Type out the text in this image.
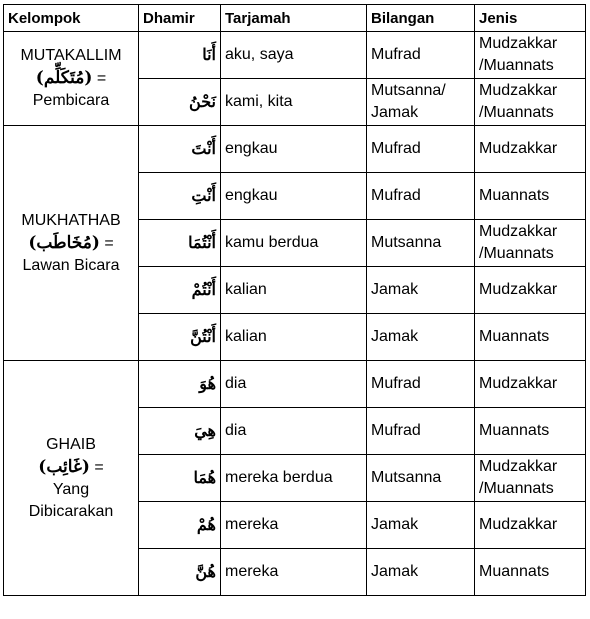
Kelompok	Dhamir	Tarjamah	Bilangan	Jenis

MUTAKALLIM
(مُتَكَلِّم) =
Pembicara	أَنَا	aku, saya	Mufrad	Mudzakkar /Muannats
	نَحْنُ	kami, kita	Mutsanna/ Jamak	Mudzakkar /Muannats

MUKHATHAB
(مُخَاطَب) =
Lawan Bicara	أَنْتَ	engkau	Mufrad	Mudzakkar
	أَنْتِ	engkau	Mufrad	Muannats
	أَنْتُمَا	kamu berdua	Mutsanna	Mudzakkar /Muannats
	أَنْتُمْ	kalian	Jamak	Mudzakkar
	أَنْتُنَّ	kalian	Jamak	Muannats

GHAIB
(غَائِب) =
Yang Dibicarakan	هُوَ	dia	Mufrad	Mudzakkar
	هِيَ	dia	Mufrad	Muannats
	هُمَا	mereka berdua	Mutsanna	Mudzakkar /Muannats
	هُمْ	mereka	Jamak	Mudzakkar
	هُنَّ	mereka	Jamak	Muannats
